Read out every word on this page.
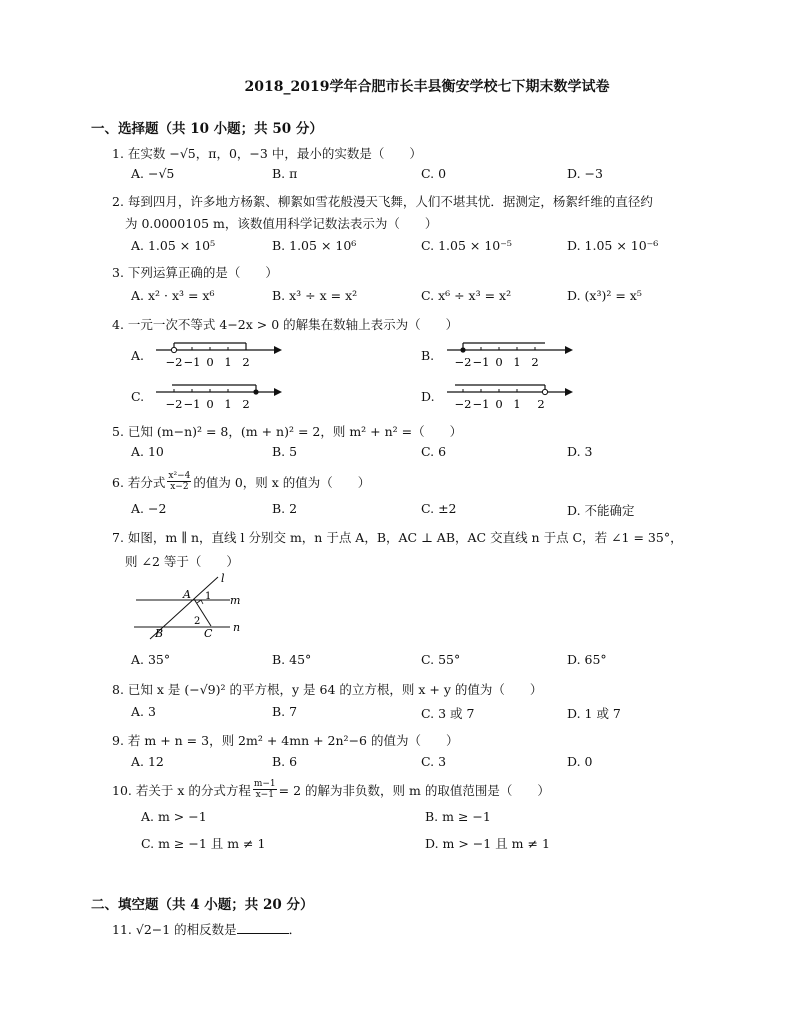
2018_2019学年合肥市长丰县衡安学校七下期末数学试卷
一、选择题（共 10 小题；共 50 分）
1. 在实数 −√5，π，0，−3 中，最小的实数是（　　）
A. −√5	B. π	C. 0	D. −3
2. 每到四月，许多地方杨絮、柳絮如雪花般漫天飞舞，人们不堪其忧．据测定，杨絮纤维的直径约
为 0.0000105 m，该数值用科学记数法表示为（　　）
A. 1.05 × 10⁵	B. 1.05 × 10⁶	C. 1.05 × 10⁻⁵	D. 1.05 × 10⁻⁶
3. 下列运算正确的是（　　）
A. x² · x³ = x⁶	B. x³ ÷ x = x²	C. x⁶ ÷ x³ = x²	D. (x³)² = x⁵
4. 一元一次不等式 4−2x > 0 的解集在数轴上表示为（　　）
A. −2 −1 0 1 2	B. −2 −1 0 1 2
C. −2 −1 0 1 2	D. −2 −1 0 1 2
5. 已知 (m−n)² = 8，(m + n)² = 2，则 m² + n² =（　　）
A. 10	B. 5	C. 6	D. 3
6. 若分式 $\frac{\text{x²−4}}{x-2}$ 的值为 0，则 x 的值为（　　）
A. −2	B. 2	C. ±2	D. 不能确定
7. 如图，m ∥ n，直线 l 分别交 m，n 于点 A，B，AC ⊥ AB，AC 交直线 n 于点 C，若 ∠1 = 35°，
则 ∠2 等于（　　）
l
A 1 m
2
B	C n
A. 35°	B. 45°	C. 55°	D. 65°
8. 已知 x 是 (−√9)² 的平方根，y 是 64 的立方根，则 x + y 的值为（　　）
A. 3	B. 7	C. 3 或 7	D. 1 或 7
9. 若 m + n = 3，则 2m² + 4mn + 2n²−6 的值为（　　）
A. 12	B. 6	C. 3	D. 0
10. 若关于 x 的分式方程 $\frac{m-1}{x-1} = 2$ 的解为非负数，则 m 的取值范围是（　　）
A. m > −1	B. m ≥ −1
C. m ≥ −1 且 m ≠ 1	D. m > −1 且 m ≠ 1
二、填空题（共 4 小题；共 20 分）
11. √2−1 的相反数是	．
